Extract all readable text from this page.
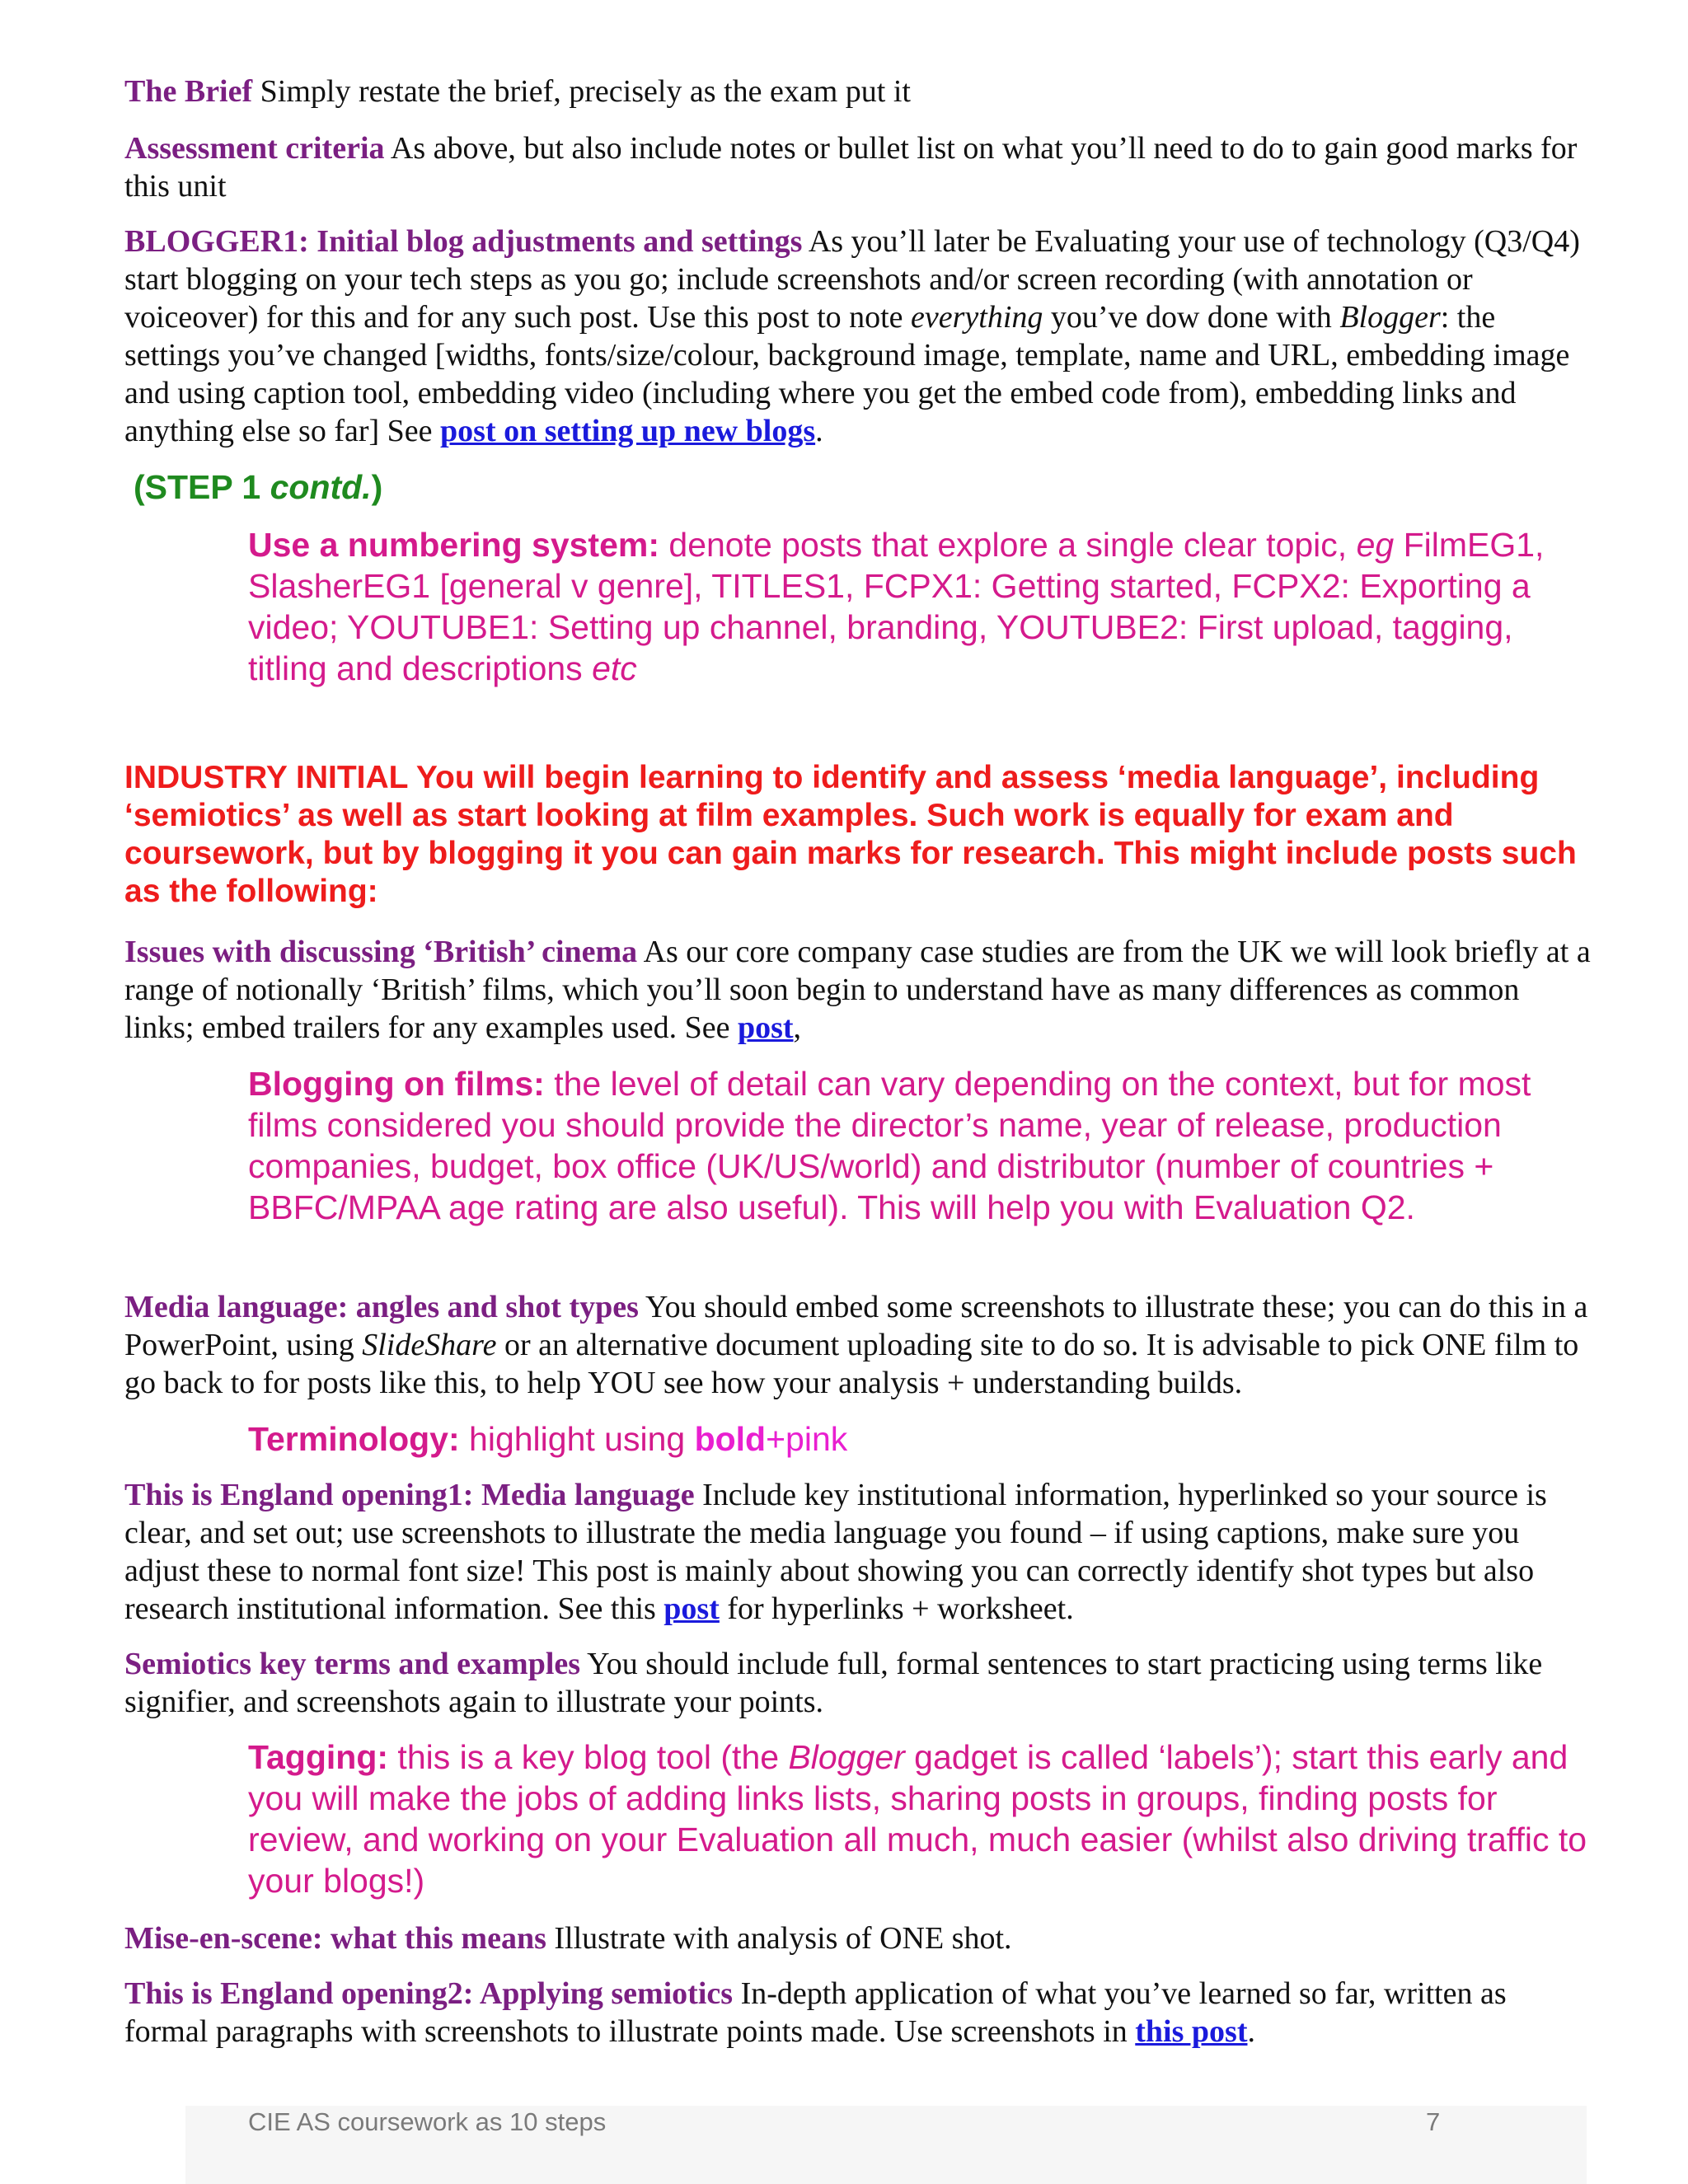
The Brief Simply restate the brief, precisely as the exam put it

Assessment criteria As above, but also include notes or bullet list on what you’ll need to do to gain good marks for this unit

BLOGGER1: Initial blog adjustments and settings As you’ll later be Evaluating your use of technology (Q3/Q4) start blogging on your tech steps as you go; include screenshots and/or screen recording (with annotation or voiceover) for this and for any such post. Use this post to note everything you’ve dow done with Blogger: the settings you’ve changed [widths, fonts/size/colour, background image, template, name and URL, embedding image and using caption tool, embedding video (including where you get the embed code from), embedding links and anything else so far] See post on setting up new blogs.

(STEP 1 contd.)

Use a numbering system: denote posts that explore a single clear topic, eg FilmEG1, SlasherEG1 [general v genre], TITLES1, FCPX1: Getting started, FCPX2: Exporting a video; YOUTUBE1: Setting up channel, branding, YOUTUBE2: First upload, tagging, titling and descriptions etc

INDUSTRY INITIAL You will begin learning to identify and assess ‘media language’, including ‘semiotics’ as well as start looking at film examples. Such work is equally for exam and coursework, but by blogging it you can gain marks for research. This might include posts such as the following:

Issues with discussing ‘British’ cinema As our core company case studies are from the UK we will look briefly at a range of notionally ‘British’ films, which you’ll soon begin to understand have as many differences as common links; embed trailers for any examples used. See post,

Blogging on films: the level of detail can vary depending on the context, but for most films considered you should provide the director’s name, year of release, production companies, budget, box office (UK/US/world) and distributor (number of countries + BBFC/MPAA age rating are also useful). This will help you with Evaluation Q2.

Media language: angles and shot types You should embed some screenshots to illustrate these; you can do this in a PowerPoint, using SlideShare or an alternative document uploading site to do so. It is advisable to pick ONE film to go back to for posts like this, to help YOU see how your analysis + understanding builds.

Terminology: highlight using bold+pink

This is England opening1: Media language Include key institutional information, hyperlinked so your source is clear, and set out; use screenshots to illustrate the media language you found – if using captions, make sure you adjust these to normal font size! This post is mainly about showing you can correctly identify shot types but also research institutional information. See this post for hyperlinks + worksheet.

Semiotics key terms and examples You should include full, formal sentences to start practicing using terms like signifier, and screenshots again to illustrate your points.

Tagging: this is a key blog tool (the Blogger gadget is called ‘labels’); start this early and you will make the jobs of adding links lists, sharing posts in groups, finding posts for review, and working on your Evaluation all much, much easier (whilst also driving traffic to your blogs!)

Mise-en-scene: what this means Illustrate with analysis of ONE shot.

This is England opening2: Applying semiotics In-depth application of what you’ve learned so far, written as formal paragraphs with screenshots to illustrate points made. Use screenshots in this post.

CIE AS coursework as 10 steps	7
